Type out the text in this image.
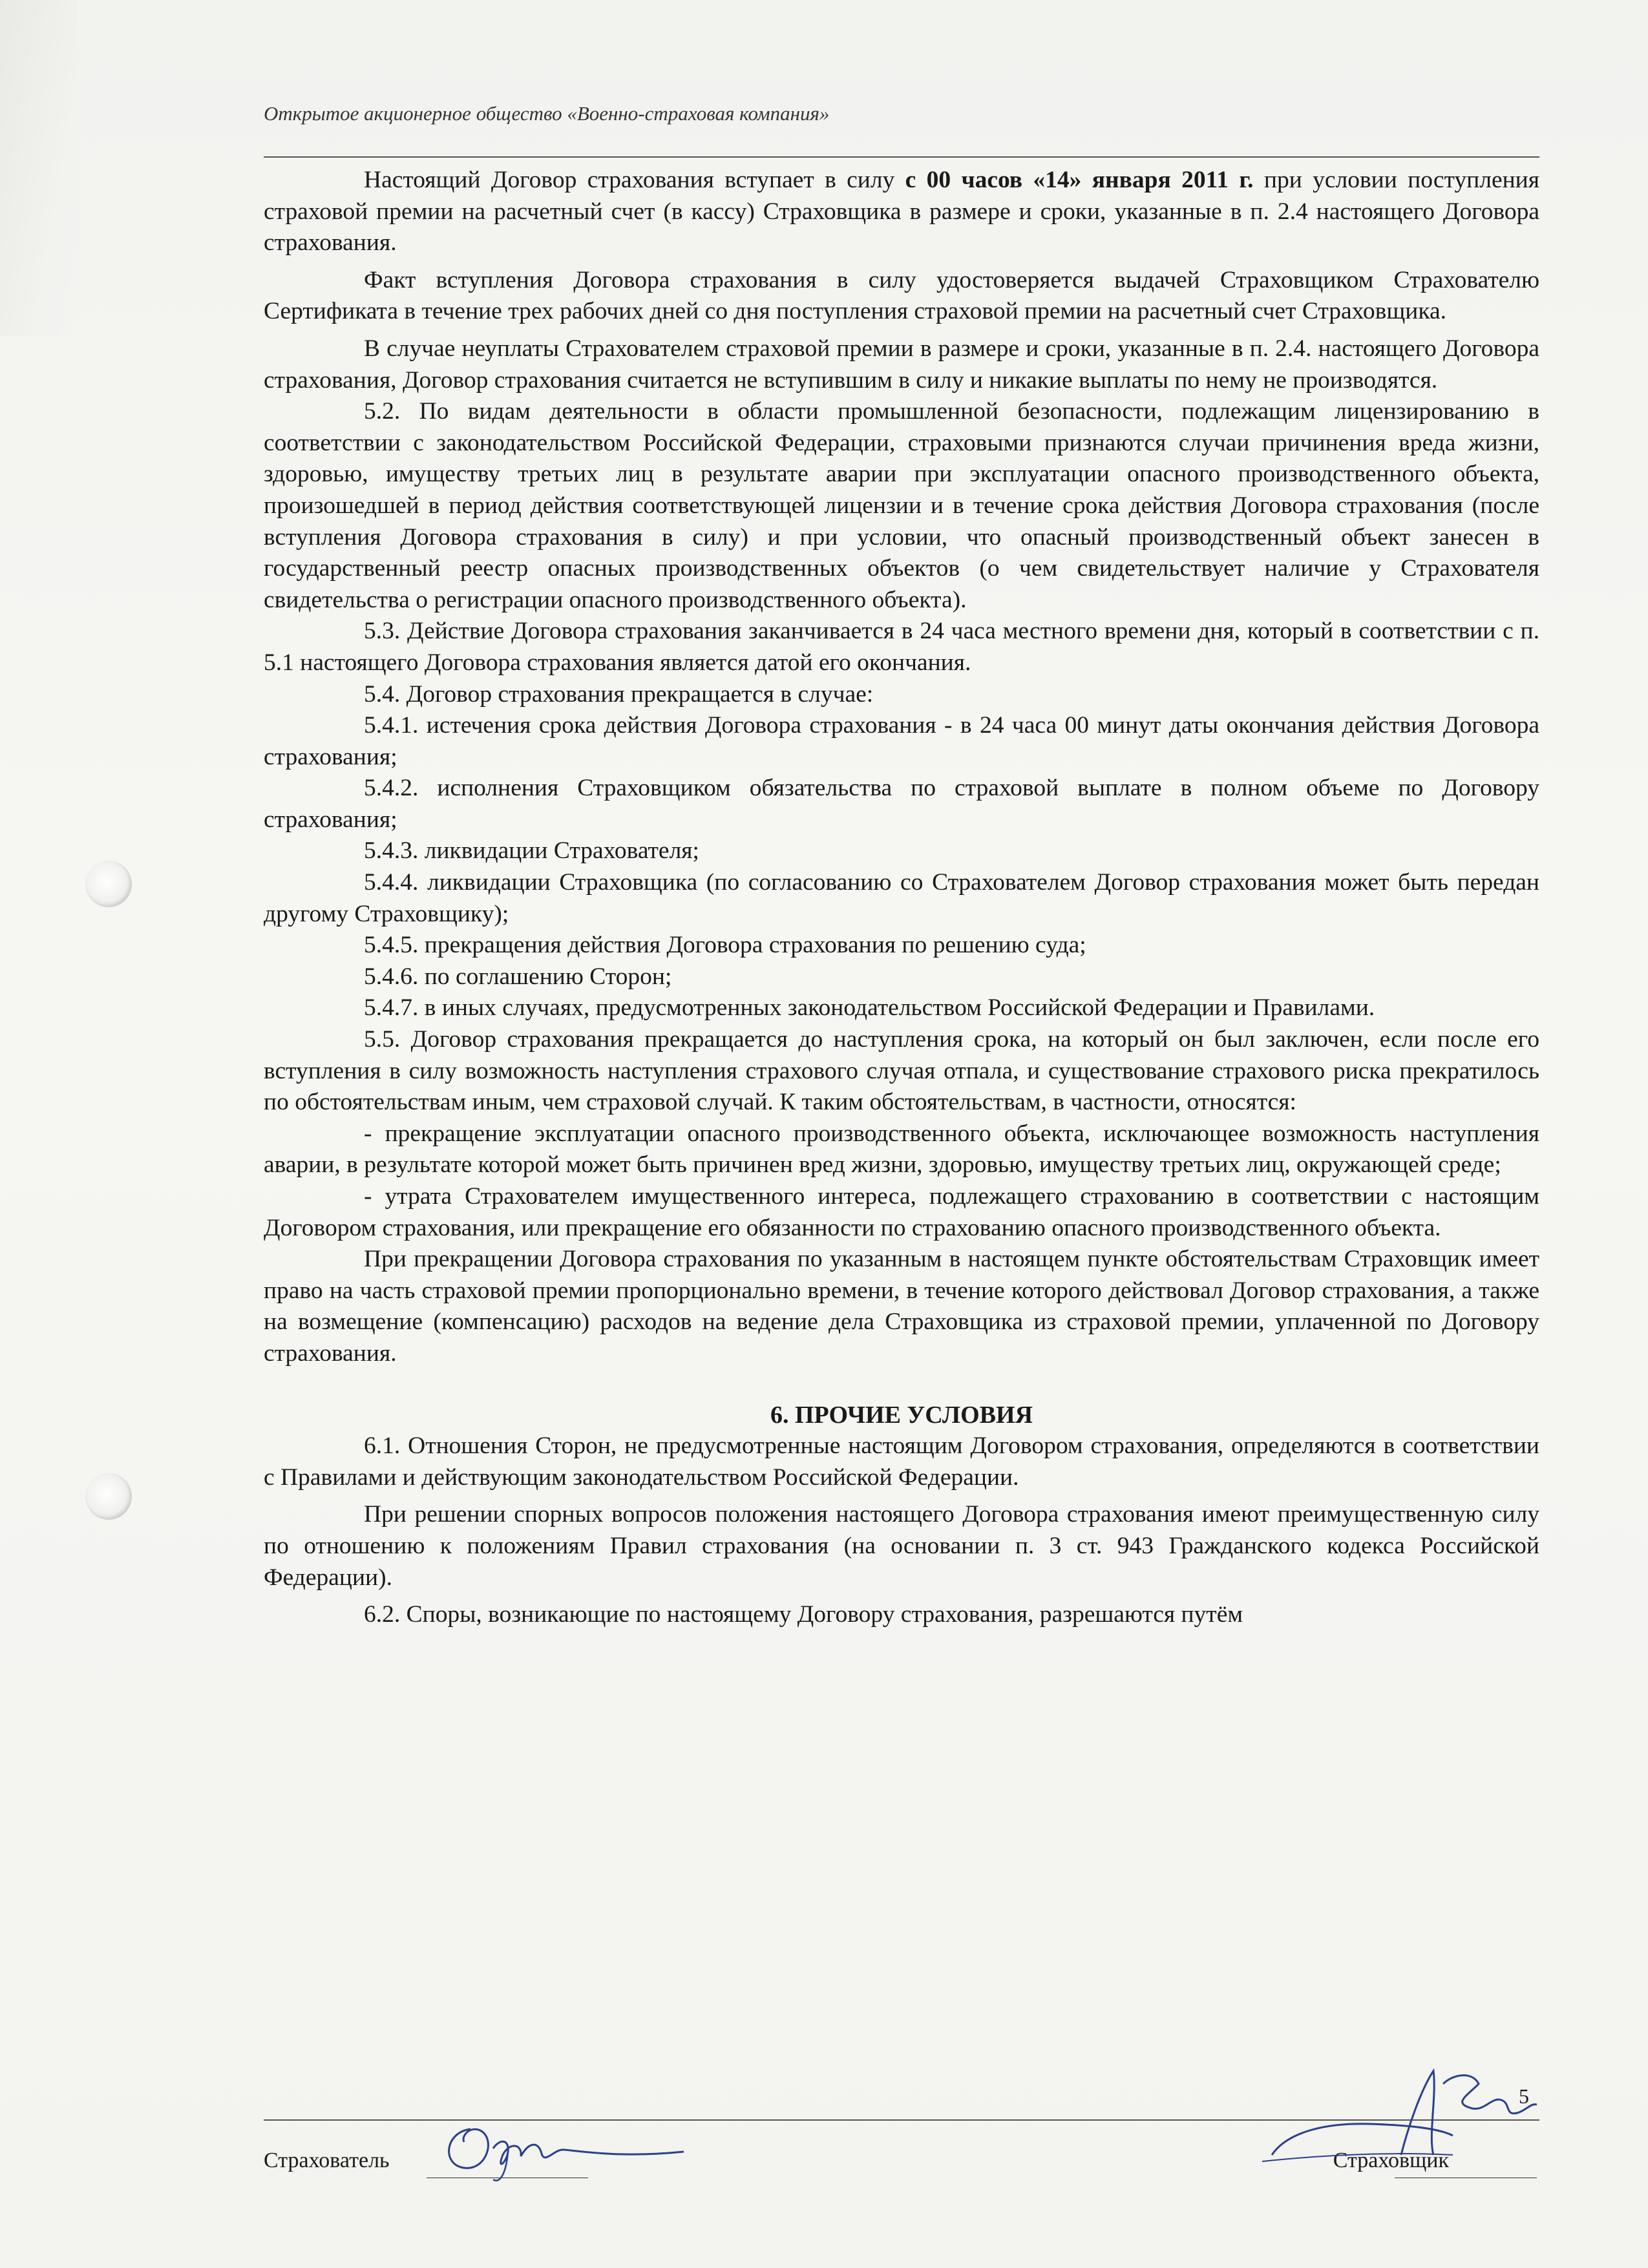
Открытое акционерное общество «Военно-страховая компания»

Настоящий Договор страхования вступает в силу с 00 часов «14» января 2011 г. при условии поступления страховой премии на расчетный счет (в кассу) Страховщика в размере и сроки, указанные в п. 2.4 настоящего Договора страхования.

Факт вступления Договора страхования в силу удостоверяется выдачей Страховщиком Страхователю Сертификата в течение трех рабочих дней со дня поступления страховой премии на расчетный счет Страховщика.

В случае неуплаты Страхователем страховой премии в размере и сроки, указанные в п. 2.4. настоящего Договора страхования, Договор страхования считается не вступившим в силу и никакие выплаты по нему не производятся.

5.2. По видам деятельности в области промышленной безопасности, подлежащим лицензированию в соответствии с законодательством Российской Федерации, страховыми признаются случаи причинения вреда жизни, здоровью, имуществу третьих лиц в результате аварии при эксплуатации опасного производственного объекта, произошедшей в период действия соответствующей лицензии и в течение срока действия Договора страхования (после вступления Договора страхования в силу) и при условии, что опасный производственный объект занесен в государственный реестр опасных производственных объектов (о чем свидетельствует наличие у Страхователя свидетельства о регистрации опасного производственного объекта).

5.3. Действие Договора страхования заканчивается в 24 часа местного времени дня, который в соответствии с п. 5.1 настоящего Договора страхования является датой его окончания.

5.4. Договор страхования прекращается в случае:

5.4.1. истечения срока действия Договора страхования - в 24 часа 00 минут даты окончания действия Договора страхования;

5.4.2. исполнения Страховщиком обязательства по страховой выплате в полном объеме по Договору страхования;

5.4.3. ликвидации Страхователя;

5.4.4. ликвидации Страховщика (по согласованию со Страхователем Договор страхования может быть передан другому Страховщику);

5.4.5. прекращения действия Договора страхования по решению суда;

5.4.6. по соглашению Сторон;

5.4.7. в иных случаях, предусмотренных законодательством Российской Федерации и Правилами.

5.5. Договор страхования прекращается до наступления срока, на который он был заключен, если после его вступления в силу возможность наступления страхового случая отпала, и существование страхового риска прекратилось по обстоятельствам иным, чем страховой случай. К таким обстоятельствам, в частности, относятся:

- прекращение эксплуатации опасного производственного объекта, исключающее возможность наступления аварии, в результате которой может быть причинен вред жизни, здоровью, имуществу третьих лиц, окружающей среде;

- утрата Страхователем имущественного интереса, подлежащего страхованию в соответствии с настоящим Договором страхования, или прекращение его обязанности по страхованию опасного производственного объекта.

При прекращении Договора страхования по указанным в настоящем пункте обстоятельствам Страховщик имеет право на часть страховой премии пропорционально времени, в течение которого действовал Договор страхования, а также на возмещение (компенсацию) расходов на ведение дела Страховщика из страховой премии, уплаченной по Договору страхования.

6. ПРОЧИЕ УСЛОВИЯ

6.1. Отношения Сторон, не предусмотренные настоящим Договором страхования, определяются в соответствии с Правилами и действующим законодательством Российской Федерации.

При решении спорных вопросов положения настоящего Договора страхования имеют преимущественную силу по отношению к положениям Правил страхования (на основании п. 3 ст. 943 Гражданского кодекса Российской Федерации).

6.2. Споры, возникающие по настоящему Договору страхования, разрешаются путём

5
Страхователь	Страховщик
